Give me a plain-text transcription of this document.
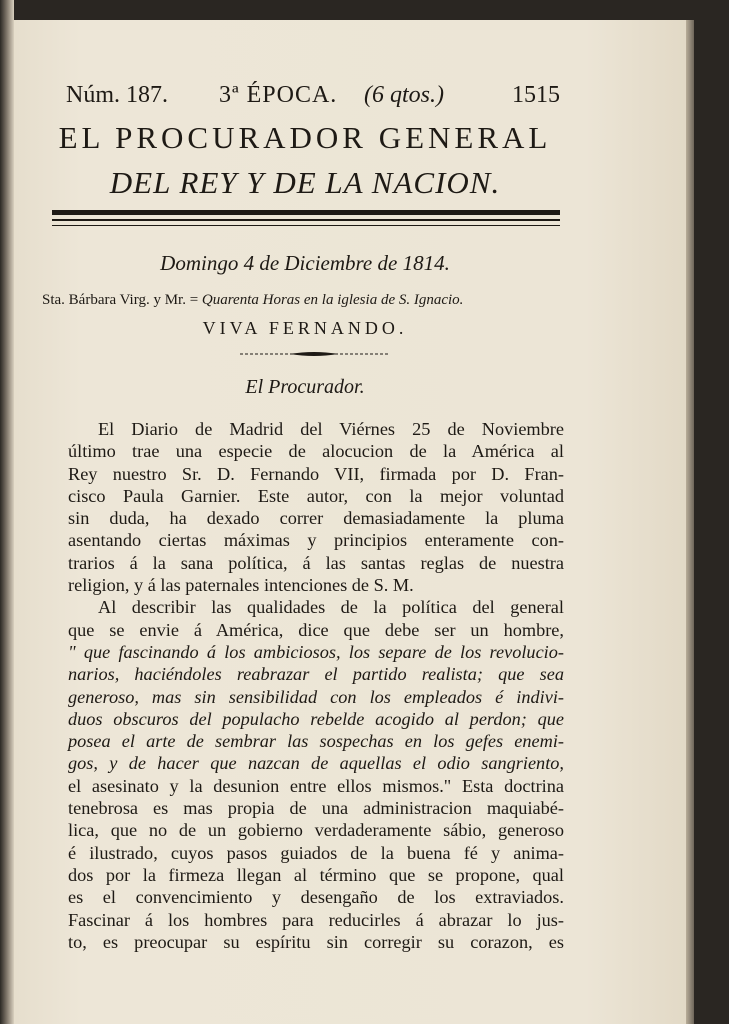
Núm. 187. 3ª ÉPOCA. (6 qtos.)	1515
EL PROCURADOR GENERAL
DEL REY Y DE LA NACION.
Domingo 4 de Diciembre de 1814.
Sta. Bárbara Virg. y Mr. = Quarenta Horas en la iglesia de S. Ignacio.
VIVA FERNANDO.
El Procurador.
El Diario de Madrid del Viérnes 25 de Noviembre
último trae una especie de alocucion de la América al
Rey nuestro Sr. D. Fernando VII, firmada por D. Fran-
cisco Paula Garnier. Este autor, con la mejor voluntad
sin duda, ha dexado correr demasiadamente la pluma
asentando ciertas máximas y principios enteramente con-
trarios á la sana política, á las santas reglas de nuestra
religion, y á las paternales intenciones de S. M.
Al describir las qualidades de la política del general
que se envie á América, dice que debe ser un hombre,
" que fascinando á los ambiciosos, los separe de los revolucio-
narios, haciéndoles reabrazar el partido realista; que sea
generoso, mas sin sensibilidad con los empleados é indivi-
duos obscuros del populacho rebelde acogido al perdon; que
posea el arte de sembrar las sospechas en los gefes enemi-
gos, y de hacer que nazcan de aquellas el odio sangriento,
el asesinato y la desunion entre ellos mismos." Esta doctrina
tenebrosa es mas propia de una administracion maquiabé-
lica, que no de un gobierno verdaderamente sábio, generoso
é ilustrado, cuyos pasos guiados de la buena fé y anima-
dos por la firmeza llegan al término que se propone, qual
es el convencimiento y desengaño de los extraviados.
Fascinar á los hombres para reducirles á abrazar lo jus-
to, es preocupar su espíritu sin corregir su corazon, es
